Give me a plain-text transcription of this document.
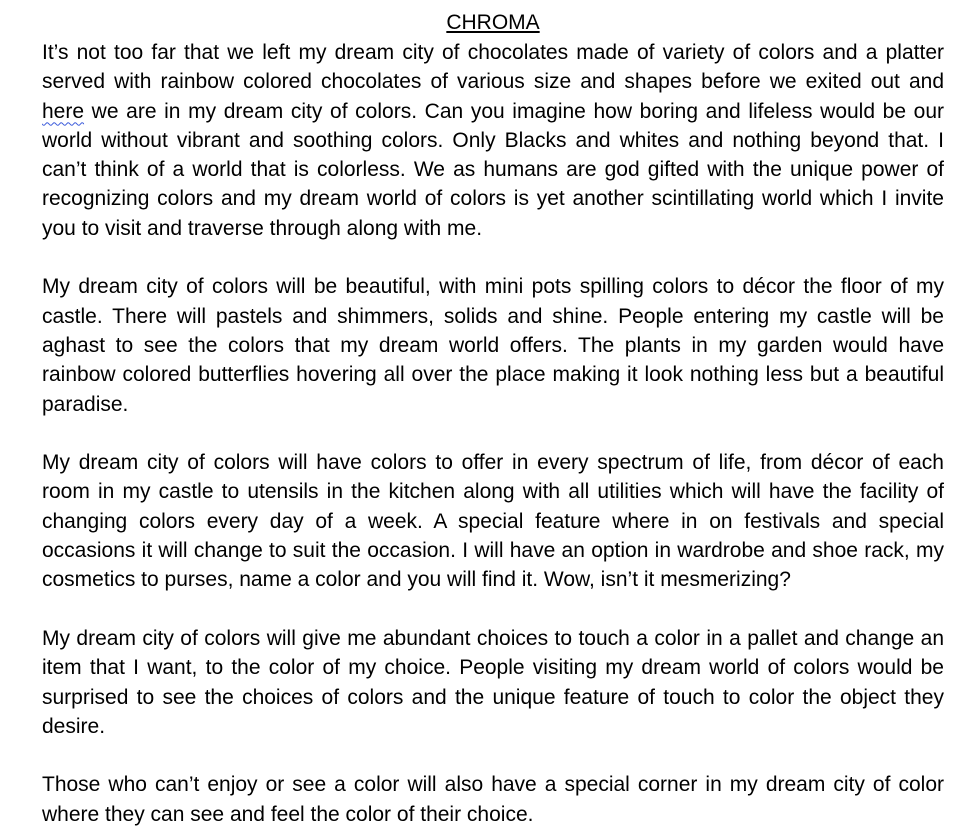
CHROMA

It’s not too far that we left my dream city of chocolates made of variety of colors and a platter served with rainbow colored chocolates of various size and shapes before we exited out and here we are in my dream city of colors. Can you imagine how boring and lifeless would be our world without vibrant and soothing colors. Only Blacks and whites and nothing beyond that. I can’t think of a world that is colorless. We as humans are god gifted with the unique power of recognizing colors and my dream world of colors is yet another scintillating world which I invite you to visit and traverse through along with me.

My dream city of colors will be beautiful, with mini pots spilling colors to décor the floor of my castle. There will pastels and shimmers, solids and shine. People entering my castle will be aghast to see the colors that my dream world offers. The plants in my garden would have rainbow colored butterflies hovering all over the place making it look nothing less but a beautiful paradise.

My dream city of colors will have colors to offer in every spectrum of life, from décor of each room in my castle to utensils in the kitchen along with all utilities which will have the facility of changing colors every day of a week. A special feature where in on festivals and special occasions it will change to suit the occasion. I will have an option in wardrobe and shoe rack, my cosmetics to purses, name a color and you will find it. Wow, isn’t it mesmerizing?

My dream city of colors will give me abundant choices to touch a color in a pallet and change an item that I want, to the color of my choice. People visiting my dream world of colors would be surprised to see the choices of colors and the unique feature of touch to color the object they desire.

Those who can’t enjoy or see a color will also have a special corner in my dream city of color where they can see and feel the color of their choice.
